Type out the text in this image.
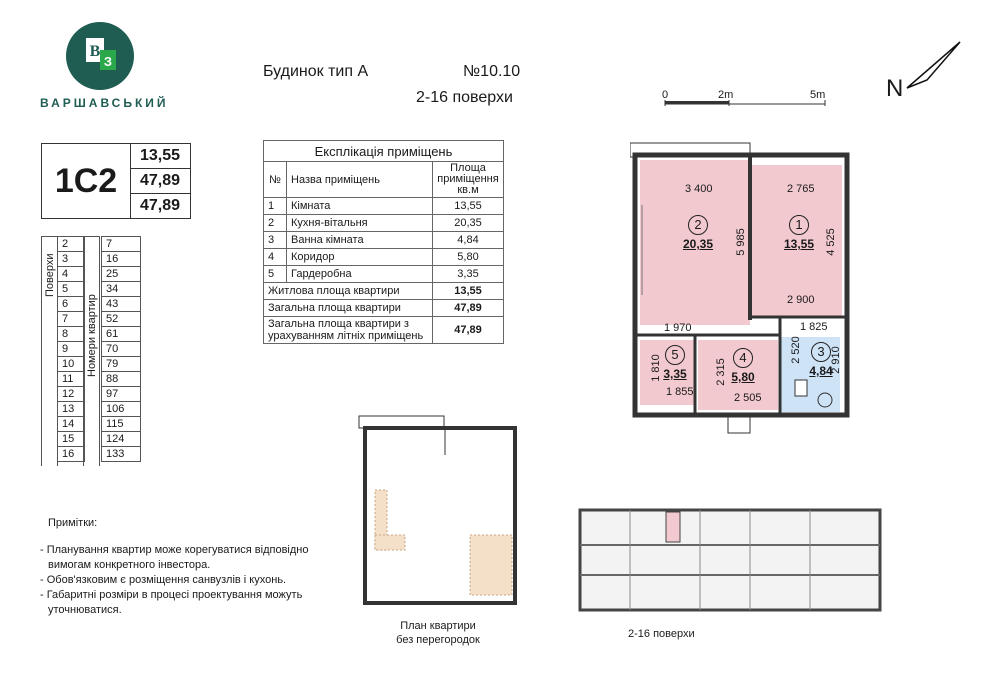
В
З
ВАРШАВСЬКИЙ
Будинок тип А	№10.10
2-16 поверхи	0	2m	5m	N
1С2
13,55
47,89
47,89
Поверхи
Номери квартир
2		7
3		16
4		25
5		34
6		43
7		52
8		61
9		70
10		79
11		88
12		97
13		106
14		115
15		124
16		133
Експлікація приміщень		
№	Назва приміщень	Площа приміщення кв.м
1	Кімната	13,55
2	Кухня-вітальня	20,35
3	Ванна кімната	4,84
4	Коридор	5,80
5	Гардеробна	3,35
Житлова площа квартири		13,55
Загальна площа квартири		47,89
Загальна площа квартири з урахуванням літніх приміщень		47,89
3 400	2 765
5 985	4 525
2 900
1 970	1 825
2 520	2 910
1 810	2 315
1 855	2 505
2
20,35
1
13,55
5
3,35
4
5,80
3
4,84
План квартири
без перегородок	2-16 поверхи
Примітки:
- Планування квартир може корегуватися відповідно
вимогам конкретного інвестора.
- Обов'язковим є розміщення санвузлів і кухонь.
- Габаритні розміри в процесі проектування можуть
уточнюватися.
